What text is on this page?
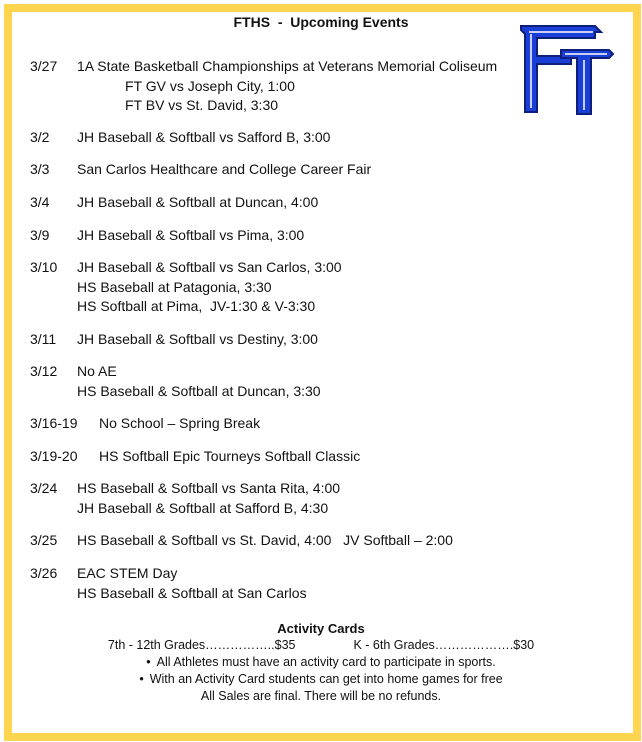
FTHS  -  Upcoming Events
3/27 1A State Basketball Championships at Veterans Memorial Coliseum
FT GV vs Joseph City, 1:00
FT BV vs St. David, 3:30
3/2 JH Baseball & Softball vs Safford B, 3:00
3/3 San Carlos Healthcare and College Career Fair
3/4 JH Baseball & Softball at Duncan, 4:00
3/9 JH Baseball & Softball vs Pima, 3:00
3/10 JH Baseball & Softball vs San Carlos, 3:00
HS Baseball at Patagonia, 3:30
HS Softball at Pima,  JV-1:30 & V-3:30
3/11 JH Baseball & Softball vs Destiny, 3:00
3/12 No AE
HS Baseball & Softball at Duncan, 3:30
3/16-19 No School – Spring Break
3/19-20 HS Softball Epic Tourneys Softball Classic
3/24 HS Baseball & Softball vs Santa Rita, 4:00
JH Baseball & Softball at Safford B, 4:30
3/25 HS Baseball & Softball vs St. David, 4:00   JV Softball – 2:00
3/26 EAC STEM Day
HS Baseball & Softball at San Carlos
Activity Cards
7th - 12th Grades……………..$35	K - 6th Grades……………….$30
• All Athletes must have an activity card to participate in sports.
• With an Activity Card students can get into home games for free
All Sales are final. There will be no refunds.
